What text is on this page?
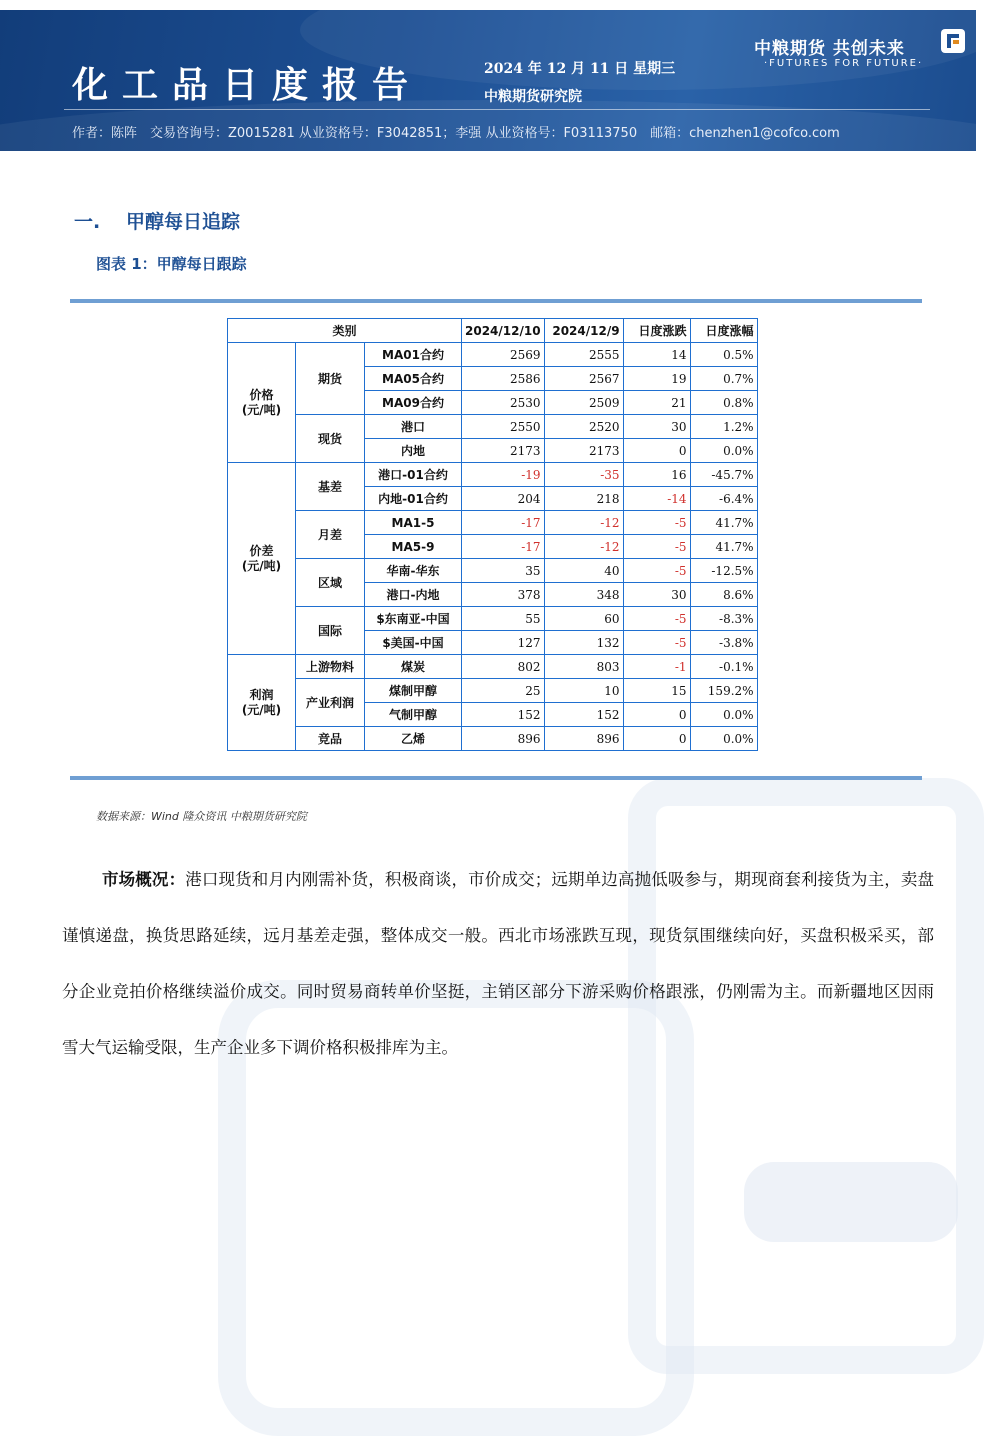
化工品日度报告	2024 年 12 月 11 日 星期三
中粮期货研究院
作者：陈阵　交易咨询号：Z0015281 从业资格号：F3042851；李强 从业资格号：F03113750　邮箱：chenzhen1@cofco.com
中粮期货 共创未来
·FUTURES FOR FUTURE·
一. 甲醇每日追踪
图表 1：甲醇每日跟踪
类别			2024/12/10	2024/12/9	日度涨跌	日度涨幅
价格
(元/吨)	期货	MA01合约	2569	2555	14	0.5%
		MA05合约	2586	2567	19	0.7%
		MA09合约	2530	2509	21	0.8%
	现货	港口	2550	2520	30	1.2%
		内地	2173	2173	0	0.0%
价差
(元/吨)	基差	港口-01合约	-19	-35	16	-45.7%
		内地-01合约	204	218	-14	-6.4%
	月差	MA1-5	-17	-12	-5	41.7%
		MA5-9	-17	-12	-5	41.7%
	区域	华南-华东	35	40	-5	-12.5%
		港口-内地	378	348	30	8.6%
	国际	$东南亚-中国	55	60	-5	-8.3%
		$美国-中国	127	132	-5	-3.8%
利润
(元/吨)	上游物料	煤炭	802	803	-1	-0.1%
	产业利润	煤制甲醇	25	10	15	159.2%
		气制甲醇	152	152	0	0.0%
	竞品	乙烯	896	896	0	0.0%
数据来源：Wind 隆众资讯 中粮期货研究院
市场概况：港口现货和月内刚需补货，积极商谈，市价成交；远期单边高抛低吸参与，期现商套利接货为主，卖盘谨慎递盘，换货思路延续，远月基差走强，整体成交一般。西北市场涨跌互现，现货氛围继续向好，买盘积极采买，部分企业竞拍价格继续溢价成交。同时贸易商转单价坚挺，主销区部分下游采购价格跟涨，仍刚需为主。而新疆地区因雨雪大气运输受限，生产企业多下调价格积极排库为主。
